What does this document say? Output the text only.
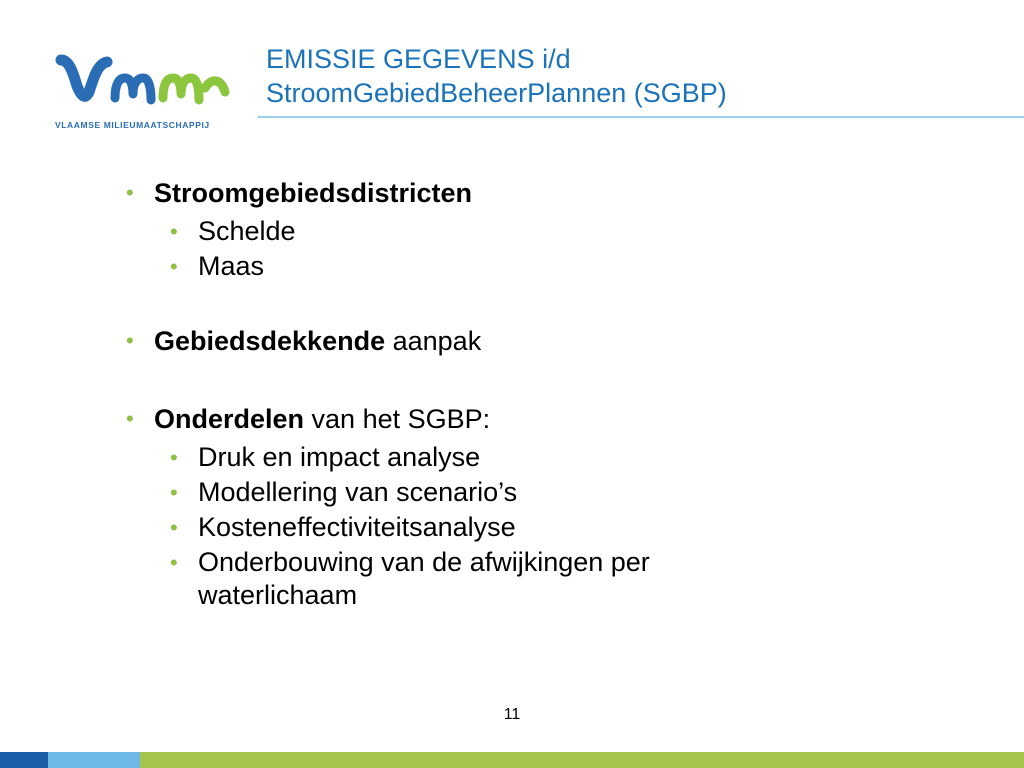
VLAAMSE MILIEUMAATSCHAPPIJ
EMISSIE GEGEVENS i/d
StroomGebiedBeheerPlannen (SGBP)
• Stroomgebiedsdistricten
• Schelde
• Maas
• Gebiedsdekkende aanpak
• Onderdelen van het SGBP:
• Druk en impact analyse
• Modellering van scenario’s
• Kosteneffectiviteitsanalyse
• Onderbouwing van de afwijkingen per waterlichaam
11
